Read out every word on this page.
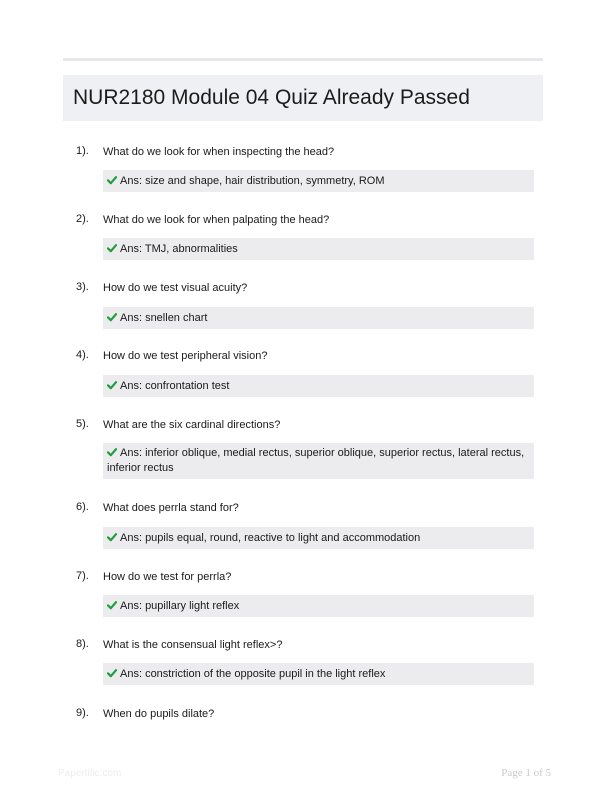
NUR2180 Module 04 Quiz Already Passed
1). What do we look for when inspecting the head?
Ans: size and shape, hair distribution, symmetry, ROM
2). What do we look for when palpating the head?
Ans: TMJ, abnormalities
3). How do we test visual acuity?
Ans: snellen chart
4). How do we test peripheral vision?
Ans: confrontation test
5). What are the six cardinal directions?
Ans: inferior oblique, medial rectus, superior oblique, superior rectus, lateral rectus, inferior rectus
6). What does perrla stand for?
Ans: pupils equal, round, reactive to light and accommodation
7). How do we test for perrla?
Ans: pupillary light reflex
8). What is the consensual light reflex>?
Ans: constriction of the opposite pupil in the light reflex
9). When do pupils dilate?
Papertific.com	Page 1 of 5
